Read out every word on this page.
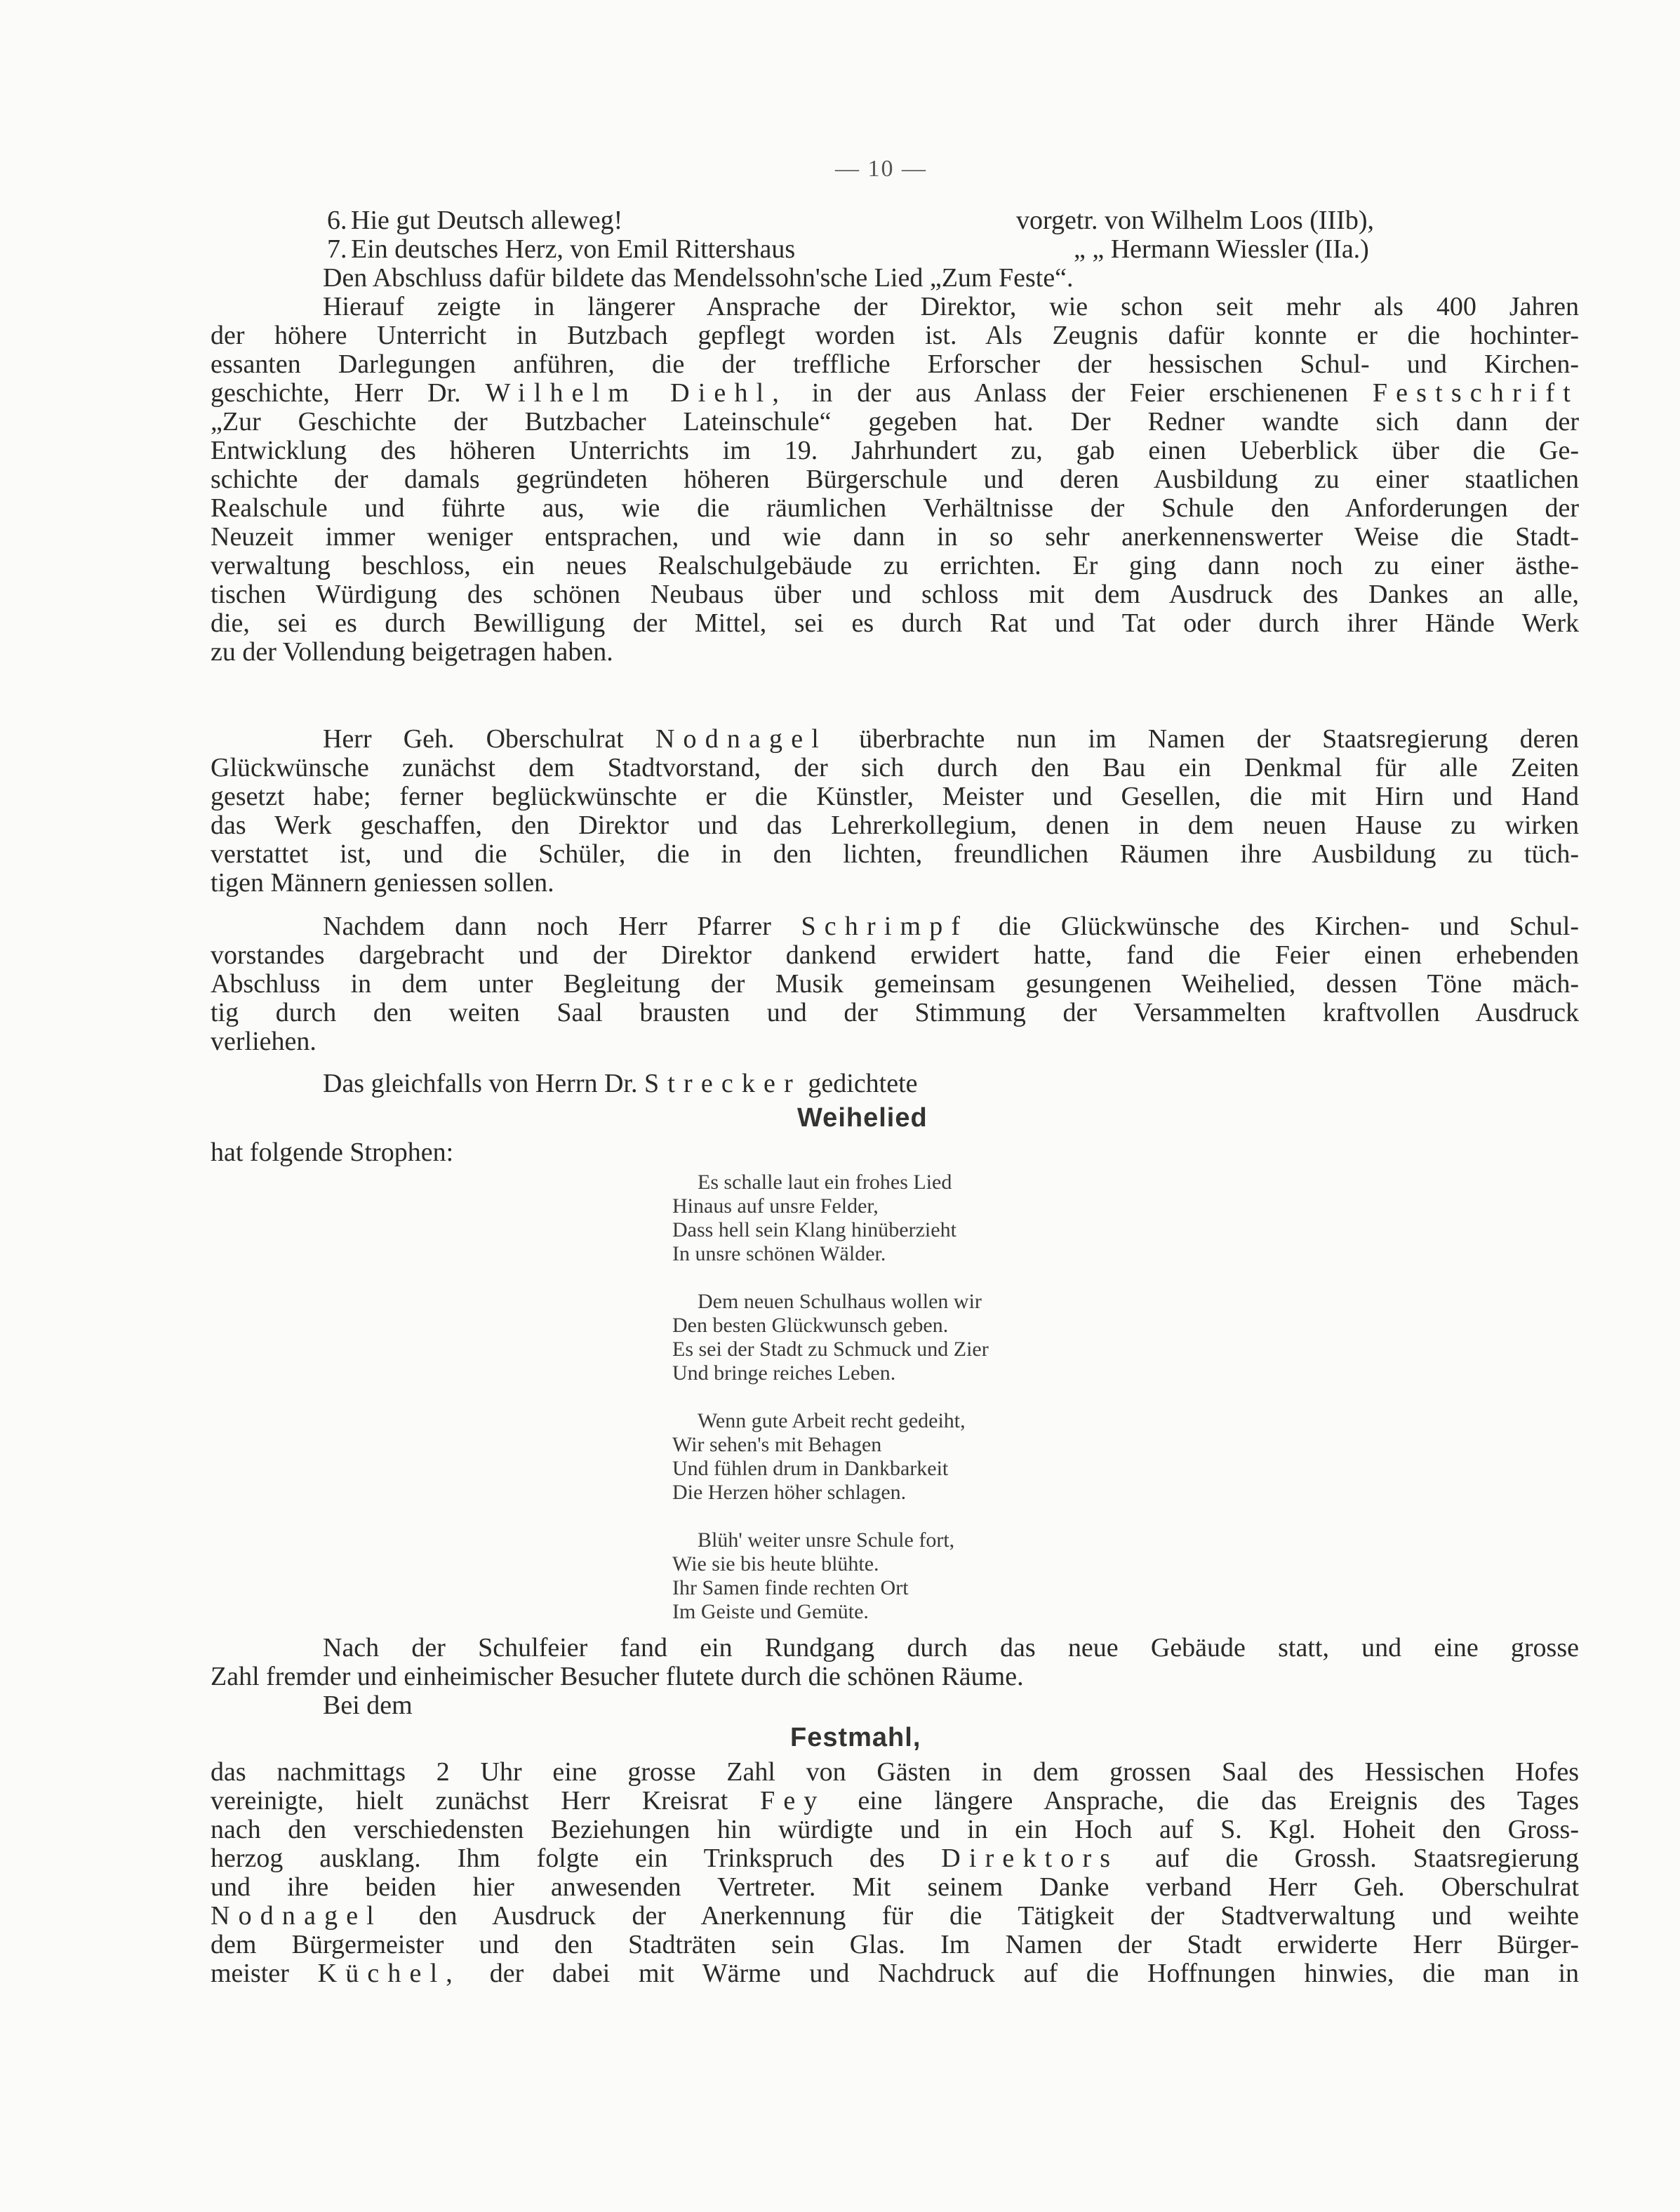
— 10 —
6. Hie gut Deutsch alleweg!	vorgetr. von Wilhelm Loos (IIIb),
7. Ein deutsches Herz, von Emil Rittershaus	„ „ Hermann Wiessler (IIa.)
Den Abschluss dafür bildete das Mendelssohn'sche Lied „Zum Feste“.
Hierauf zeigte in längerer Ansprache der Direktor, wie schon seit mehr als 400 Jahren
der höhere Unterricht in Butzbach gepflegt worden ist. Als Zeugnis dafür konnte er die hochinter-
essanten Darlegungen anführen, die der treffliche Erforscher der hessischen Schul- und Kirchen-
geschichte, Herr Dr. Wilhelm Diehl, in der aus Anlass der Feier erschienenen Festschrift
„Zur Geschichte der Butzbacher Lateinschule“ gegeben hat. Der Redner wandte sich dann der
Entwicklung des höheren Unterrichts im 19. Jahrhundert zu, gab einen Ueberblick über die Ge-
schichte der damals gegründeten höheren Bürgerschule und deren Ausbildung zu einer staatlichen
Realschule und führte aus, wie die räumlichen Verhältnisse der Schule den Anforderungen der
Neuzeit immer weniger entsprachen, und wie dann in so sehr anerkennenswerter Weise die Stadt-
verwaltung beschloss, ein neues Realschulgebäude zu errichten. Er ging dann noch zu einer ästhe-
tischen Würdigung des schönen Neubaus über und schloss mit dem Ausdruck des Dankes an alle,
die, sei es durch Bewilligung der Mittel, sei es durch Rat und Tat oder durch ihrer Hände Werk
zu der Vollendung beigetragen haben.
Herr Geh. Oberschulrat Nodnagel überbrachte nun im Namen der Staatsregierung deren
Glückwünsche zunächst dem Stadtvorstand, der sich durch den Bau ein Denkmal für alle Zeiten
gesetzt habe; ferner beglückwünschte er die Künstler, Meister und Gesellen, die mit Hirn und Hand
das Werk geschaffen, den Direktor und das Lehrerkollegium, denen in dem neuen Hause zu wirken
verstattet ist, und die Schüler, die in den lichten, freundlichen Räumen ihre Ausbildung zu tüch-
tigen Männern geniessen sollen.
Nachdem dann noch Herr Pfarrer Schrimpf die Glückwünsche des Kirchen- und Schul-
vorstandes dargebracht und der Direktor dankend erwidert hatte, fand die Feier einen erhebenden
Abschluss in dem unter Begleitung der Musik gemeinsam gesungenen Weihelied, dessen Töne mäch-
tig durch den weiten Saal brausten und der Stimmung der Versammelten kraftvollen Ausdruck
verliehen.
Das gleichfalls von Herrn Dr. Strecker gedichtete
Weihelied
hat folgende Strophen:
Es schalle laut ein frohes Lied
Hinaus auf unsre Felder,
Dass hell sein Klang hinüberzieht
In unsre schönen Wälder.
Dem neuen Schulhaus wollen wir
Den besten Glückwunsch geben.
Es sei der Stadt zu Schmuck und Zier
Und bringe reiches Leben.
Wenn gute Arbeit recht gedeiht,
Wir sehen's mit Behagen
Und fühlen drum in Dankbarkeit
Die Herzen höher schlagen.
Blüh' weiter unsre Schule fort,
Wie sie bis heute blühte.
Ihr Samen finde rechten Ort
Im Geiste und Gemüte.
Nach der Schulfeier fand ein Rundgang durch das neue Gebäude statt, und eine grosse
Zahl fremder und einheimischer Besucher flutete durch die schönen Räume.
Bei dem
Festmahl,
das nachmittags 2 Uhr eine grosse Zahl von Gästen in dem grossen Saal des Hessischen Hofes
vereinigte, hielt zunächst Herr Kreisrat Fey eine längere Ansprache, die das Ereignis des Tages
nach den verschiedensten Beziehungen hin würdigte und in ein Hoch auf S. Kgl. Hoheit den Gross-
herzog ausklang. Ihm folgte ein Trinkspruch des Direktors auf die Grossh. Staatsregierung
und ihre beiden hier anwesenden Vertreter. Mit seinem Danke verband Herr Geh. Oberschulrat
Nodnagel den Ausdruck der Anerkennung für die Tätigkeit der Stadtverwaltung und weihte
dem Bürgermeister und den Stadträten sein Glas. Im Namen der Stadt erwiderte Herr Bürger-
meister Küchel, der dabei mit Wärme und Nachdruck auf die Hoffnungen hinwies, die man in
